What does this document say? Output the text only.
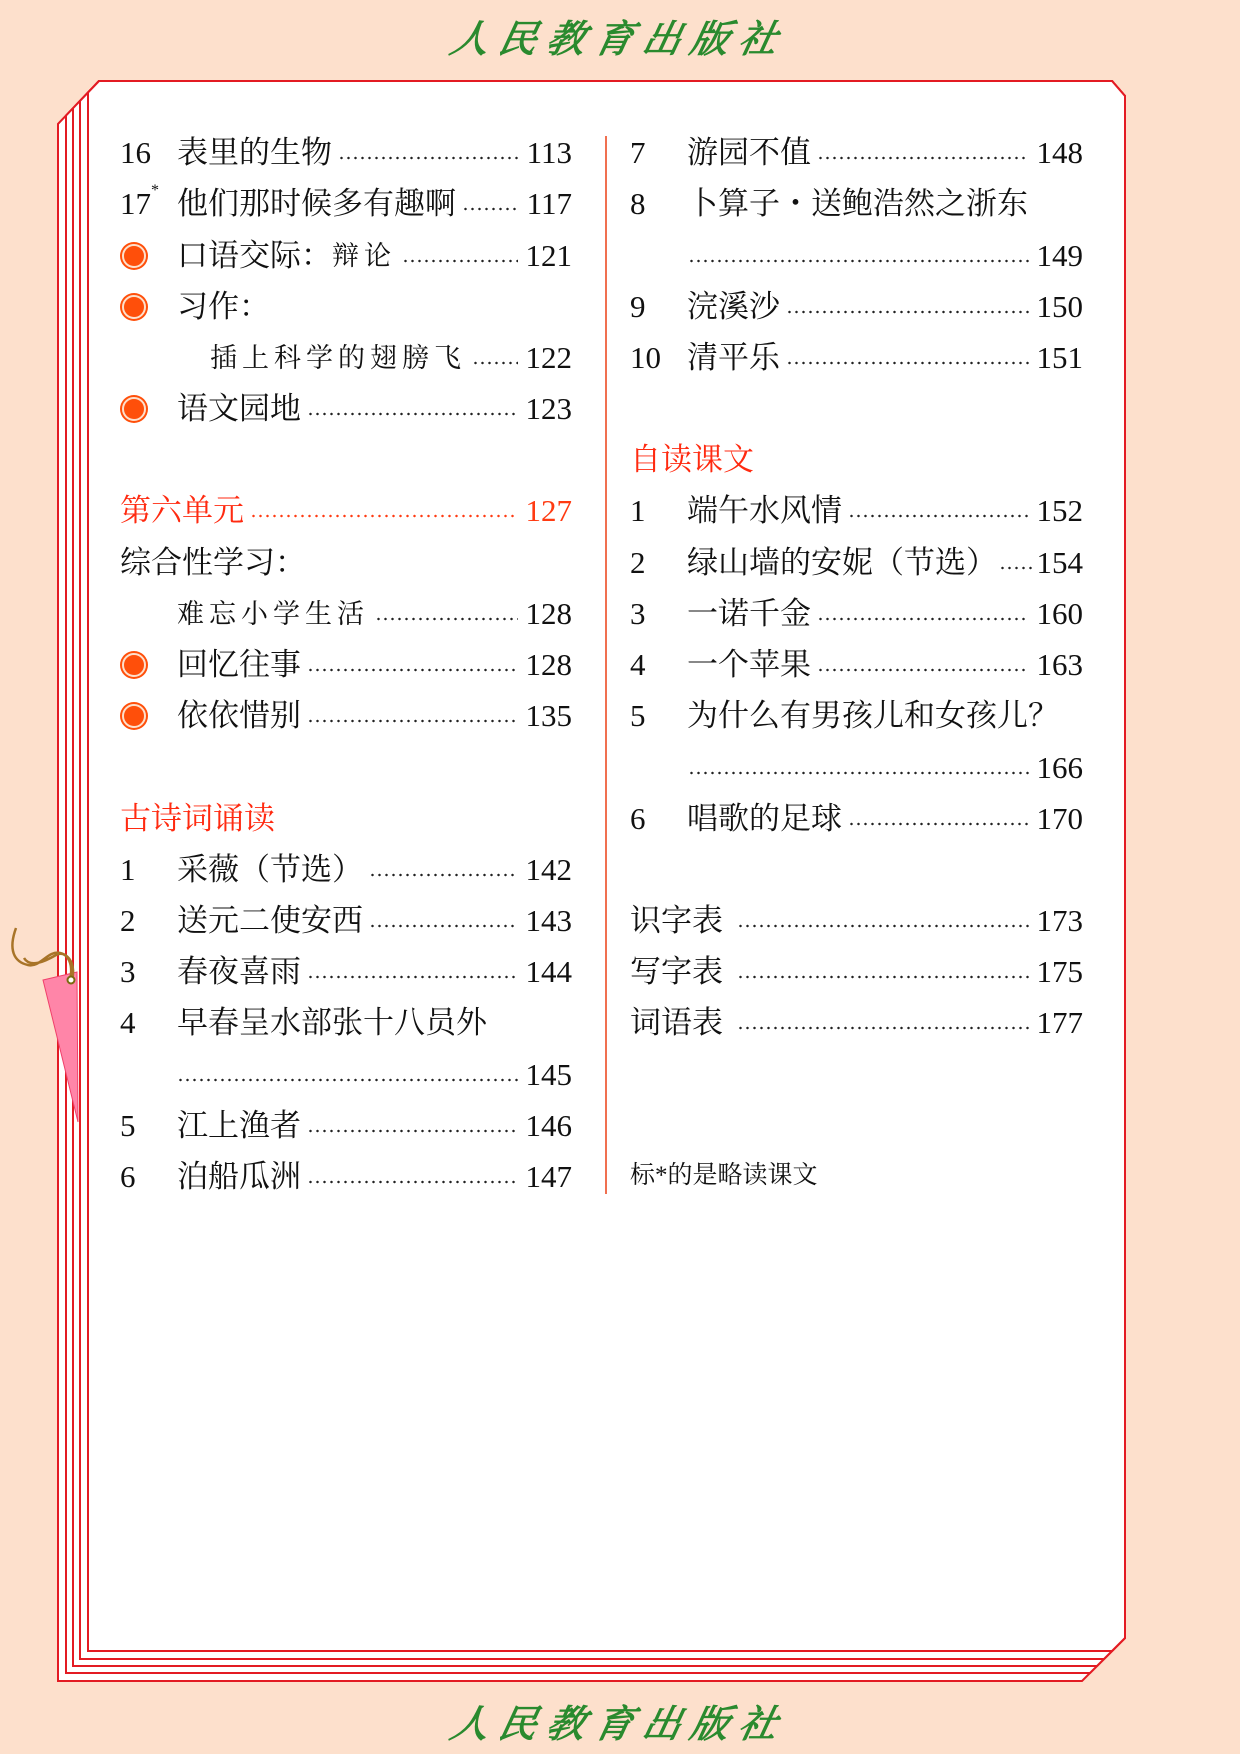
人民教育出版社
人民教育出版社
16 表里的生物	113
17* 他们那时候多有趣啊 117
口语交际： 辩论	121
习作：
插上科学的翅膀飞 122
语文园地	123
第六单元	127
综合性学习：
难忘小学生活	128
回忆往事	128
依依惜别	135
古诗词诵读
1	采薇（节选）	142
2	送元二使安西	143
3	春夜喜雨	144
4	早春呈水部张十八员外
145
5	江上渔者	146
6	泊船瓜洲	147
7	游园不值	148
8	卜算子・送鲍浩然之浙东
149
9	浣溪沙	150
10 清平乐	151
自读课文
1	端午水风情	152
2	绿山墙的安妮（节选） 154
3	一诺千金	160
4	一个苹果	163
5	为什么有男孩儿和女孩儿？
166
6	唱歌的足球	170
识字表	173
写字表	175
词语表	177
标*的是略读课文
